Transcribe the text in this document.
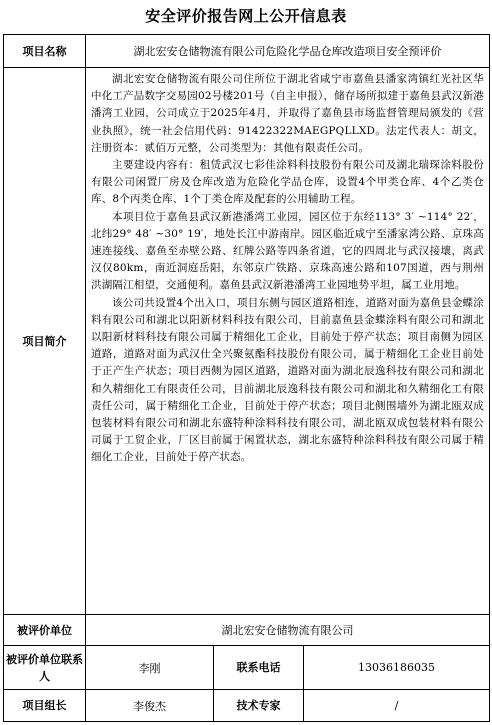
安全评价报告网上公开信息表
项目名称	湖北宏安仓储物流有限公司危险化学品仓库改造项目安全预评价		
项目简介	湖北宏安仓储物流有限公司住所位于湖北省咸宁市嘉鱼县潘家湾镇红光社区华中化工产品数字交易园02号楼201号（自主申报），储存场所拟建于嘉鱼县武汉新港潘湾工业园，公司成立于2025年4月，并取得了嘉鱼县市场监督管理局颁发的《营业执照》，统一社会信用代码：91422322MAEGPQLLXD。法定代表人：胡文，注册资本：贰佰万元整，公司类型为：其他有限责任公司。

主要建设内容有：租赁武汉七彩佳涂料科技股份有限公司及湖北瑞琛涂料股份有限公司闲置厂房及仓库改造为危险化学品仓库，设置4个甲类仓库、4个乙类仓库、8个丙类仓库、1个丁类仓库及配套的公用辅助工程。

本项目位于嘉鱼县武汉新港潘湾工业园，园区位于东经113° 3′ ~114° 22′，北纬29° 48′ ~30° 19′，地处长江中游南岸。园区临近咸宁至潘家湾公路、京珠高速连接线、嘉鱼至赤壁公路、红牌公路等四条省道，它的四周北与武汉接壤，离武汉仅80km，南近洞庭岳阳，东邻京广铁路、京珠高速公路和107国道，西与荆州洪湖隔江相望，交通便利。嘉鱼县武汉新港潘湾工业园地势平坦，属工业用地。

该公司共设置4个出入口，项目东侧与园区道路相连，道路对面为嘉鱼县金蝶涂料有限公司和湖北以阳新材料科技有限公司，目前嘉鱼县金蝶涂料有限公司和湖北以阳新材料科技有限公司属于精细化工企业，目前处于停产状态；项目南侧为园区道路，道路对面为武汉仕全兴聚氨酯科技股份有限公司，属于精细化工企业目前处于正产生产状态；项目西侧为园区道路，道路对面为湖北辰逸科技有限公司和湖北和久精细化工有限责任公司，目前湖北辰逸科技有限公司和湖北和久精细化工有限责任公司，属于精细化工企业，目前处于停产状态；项目北侧围墙外为湖北瓯双成包装材料有限公司和湖北东盛特种涂料科技有限公司，湖北瓯双成包装材料有限公司属于工贸企业，厂区目前属于闲置状态，湖北东盛特种涂料科技有限公司属于精细化工企业，目前处于停产状态。		

被评价单位	湖北宏安仓储物流有限公司		
被评价单位联系人	李刚	联系电话	13036186035
项目组长	李俊杰	技术专家	/
